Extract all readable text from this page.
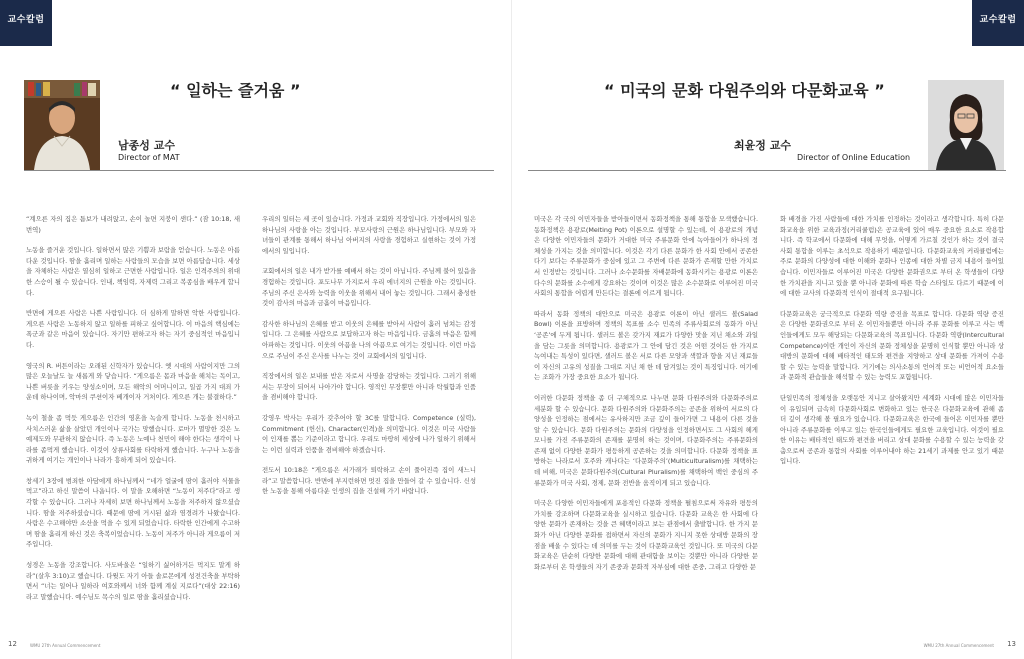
교수칼럼
“ 일하는 즐거움 ”
남종성 교수
Director of MAT

“계으른 자의 집은 틈보가 내려앉고, 손이 놀면 지붕이 샌다.” (잠 10:18, 새번역)

노동을 즐거운 것입니다. 일하면서 많은 기쁨과 보람을 얻습니다. 노동은 아름다운 것입니다. 땀을 흘리며 일하는 사람들의 모습을 보면 아름답습니다. 세상을 자체하는 사람은 열심히 일하고 근면한 사람입니다. 일은 인격주의의 위대한 스승이 될 수 있습니다. 인내, 책임력, 자제력 그리고 복종심을 배우게 합니다.

반면에 게으른 사람은 나쁜 사람입니다. 더 심하게 말하면 악한 사람입니다. 게으른 사람은 노동하지 않고 일하를 피하고 싶어합니다. 이 마음의 핵심에는 폭군과 같은 마음이 있습니다. 자기만 편하고자 하는 자기 중심적인 마음입니다.

영국의 R. 버튼이라는 오래된 신학자가 있습니다. 옛 시대의 사람이지만 그의 많은 오늘날도 늘 새롭게 와 닿습니다. “게으름은 몸과 마음을 해치는 독이고, 나쁜 버릇을 키우는 양성소이며, 모든 해악의 어머니이고, 일곱 가지 대죄 가운데 하나이며, 악마의 쿠션이자 베개이자 거처이다. 게으른 개는 불결하다.”

녹이 철을 좀 먹듯 게으름은 인간의 영혼을 녹슬게 합니다. 노동을 천시하고 사치스러운 삶을 살았던 개인이나 국가는 망했습니다. 로마가 멸망한 것은 노예제도와 무관하지 않습니다. 즉 노동은 노예나 천민이 해야 한다는 생각이 나라를 좀먹게 했습니다. 이것이 상류사회를 타락하게 했습니다. 누구나 노동을 귀하게 여기는 개인이나 나라가 흥하게 되어 있습니다.

창세기 3장에 범죄한 아담에게 하나님께서 “네가 얼굴에 땀이 흘러야 식물을 먹고”라고 하신 말씀이 나옵니다. 이 말을 오해하면 “노동이 저주다”라고 생각할 수 있습니다. 그러나 자세히 보면 하나님께서 노동을 저주하지 않으셨습니다. 땀을 저주하셨습니다. 때문에 땀에 거시된 삶과 염경려가 나왔습니다. 사람은 수고해야만 소산을 먹을 수 있게 되었습니다. 타락한 인간에게 수고하며 땀을 흘리게 하신 것은 축복이었습니다. 노동이 저주가 아니라 게으름이 저주입니다.

성경은 노동을 강조합니다. 사도바울은 “일하기 싫어하거든 먹지도 말게 하라”(살후 3:10)고 했습니다. 다윗도 자기 아들 솔로몬에게 성전건축을 부탁하면서 “너는 일어나 일하라 여호와께서 너와 함께 계실 지로다”(대상 22:16)라고 말했습니다. 예수님도 목수의 일로 땀을 흘리셨습니다.

우리의 일터는 세 곳이 있습니다. 가정과 교회와 직장입니다. 가정에서의 일은 하나님의 사랑을 아는 것입니다. 부모사랑의 근원은 하나님입니다. 부모와 자녀들이 관계를 통해서 하나님 아버지의 사랑을 경험하고 실현하는 것이 가정에서의 일입니다.

교회에서의 일은 내가 받가를 예배서 하는 것이 아닙니다. 주님께 불어 있음을 경험하는 것입니다. 포도나무 가지로서 우리 에너지의 근원을 아는 것입니다. 주님의 주신 은사와 능력을 이웃을 위해서 내어 놓는 것입니다. 그래서 충성한 것이 감사의 마음과 금흘이 마음입니다.

감사한 하나님의 은혜를 받고 이웃의 은혜를 받아서 사람이 흘러 넘쳐는 감정입니다. 그 은혜를 사람으로 보답하고자 하는 마음입니다. 금흘의 마음은 함께 아파하는 것입니다. 이웃의 아픔을 나의 아픔으로 여기는 것입니다. 이런 마음으로 주님이 주신 은사를 나누는 것이 교회에서의 일입니다.

직장에서의 일은 보내를 받은 자로서 사명을 감당하는 것입니다. 그러기 위해서는 무장이 되어서 나아가야 합니다. 영적인 무장뿐만 아니라 탁월함과 인품을 겸비해야 합니다.

강영우 박사는 우리가 갖추어야 할 3C를 말합니다. Competence (실력), Commitment (헌신), Character(인격)을 의미합니다. 이것은 미국 사람들이 인재를 뽑는 기준이라고 합니다. 우리도 마땅히 세상에 나가 일하기 위해서는 이런 실력과 인품을 겸비해야 하겠습니다.

전도서 10:18은 “게으름은 서가래가 퇴락하고 손이 풀어진즉 집이 새느니라”고 말씀합니다. 반면에 부지런하면 멋진 집을 만들어 갈 수 있습니다. 신성한 노동을 통해 아름다운 인생의 집을 건설해 가기 바랍니다.

12	WMU 27th Annual Commencement
교수칼럼
“ 미국의 문화 다원주의와 다문화교육 ”
최윤정 교수
Director of Online Education

미국은 각 국의 이민자들을 받아들이면서 동화정책을 통해 통합을 모색했습니다. 동화정책은 용광로(Melting Pot) 이론으로 설명할 수 있는데, 이 용광로의 개념은 다양한 이민자들의 문화가 거대한 미국 주류문화 안에 녹아들어가 하나의 정체성을 가지는 것을 의미합니다. 이것은 각기 다른 문화가 한 사회 안에서 공존한다기 보다는 주류문화가 중심에 있고 그 주변에 다른 문화가 존재할 만한 가치로서 인정받는 것입니다. 그러나 소수문화를 자배문화에 동화시키는 용광로 이론은 다수의 문화를 소수에게 강요하는 것이며 이것은 많은 소수문화로 이루어진 미국 사회의 통합을 어렵게 만든다는 결론에 이르게 됩니다.

따라서 동화 정책의 대안으로 미국은 용광로 이론이 아닌 샐러드 볼(Salad Bowl) 이론을 표방하며 정책의 목표를 소수 민족의 주류사회로의 동화가 아닌 ‘공존’에 두게 됩니다. 샐러드 볼은 갖가지 재료가 다양한 맛을 지닌 채소와 과일을 담는 그릇을 의미합니다. 용광로가 그 안에 담긴 것은 어떤 것이든 한 가지로 녹여내는 특성이 있다면, 샐러드 볼은 서로 다른 모양과 색깔과 향을 지닌 재료들이 자신의 고유의 성질을 그대로 지닌 채 한 데 담겨있는 것이 특징입니다. 여기에는 조화가 가장 중요한 요소가 됩니다.

이러한 다문화 정책을 좀 더 구체적으로 나누면 문화 다원주의와 다문화주의로 세분화 할 수 있습니다. 문화 다원주의와 다문화주의는 공존을 위하여 서로의 다양성을 인정하는 점에서는 유사하지만 조금 깊이 들어가면 그 내용이 다른 것을 알 수 있습니다. 문화 다원주의는 문화의 다양성을 인정하면서도 그 사회의 헤게모니를 가진 주류문화의 존재를 분명히 하는 것이며, 다문화주의는 주류문화의 존재 없이 다양한 문화가 평등하게 공존하는 것을 의미합니다. 다문화 정책을 표방하는 나라로서 호주와 캐나다는 ‘다문화주의’(Multiculturalism)를 채택하는 데 비해, 미국은 문화다원주의(Cultural Pluralism)를 채택하여 백인 중심의 주류문화가 미국 사회, 경제, 문화 전반을 움직이게 되고 있습니다.

미국은 다양한 이민자들에게 포용적인 다문화 정책을 펼침으로써 자유와 평등의 가치를 강조하며 다문화교육을 실시하고 있습니다. 다문화 교육은 한 사회에 다양한 문화가 존재하는 것을 큰 혜택이라고 보는 관점에서 출발합니다. 한 가지 문화가 아닌 다양한 문화를 접하면서 자신의 문화가 지니지 못한 상대방 문화의 장점을 배울 수 있다는 데 의미를 두는 것이 다문화교육인 것입니다. 또 미국의 다문화교육은 단순히 다양한 문화에 대해 관대함을 보이는 것뿐만 아니라 다양한 문화로부터 온 학생들의 자기 존중과 문화적 자부심에 대한 존중, 그리고 다양한 문

화 배경을 가진 사람들에 대한 가치를 인정하는 것이라고 생각합니다. 특히 다문화교육을 위한 교육과정(커리큘럼)은 공교육에 있어 매우 중요한 요소로 작용합니다. 즉 학교에서 다문화에 대해 무엇을, 어떻게 가르칠 것인가 하는 것이 결국 사회 통합을 이루는 초석으로 작용하기 때문입니다. 다문화교육의 커리큘럼에는 주로 문화의 다양성에 대한 이해와 문화나 인종에 대한 차별 금지 내용이 들어있습니다. 이민자들로 이루어진 미국은 다양한 문화권으로 부터 온 학생들이 다양한 가치관을 지니고 있을 뿐 아니라 문화에 따른 학습 스타일도 다르기 때문에 이에 대한 교사의 다문화적 인식이 절대적 요구됩니다.

다문화교육은 궁극적으로 다문화 역량 증진을 목표로 합니다. 다문화 역량 증진은 다양한 문화권으로 부터 온 이민자들뿐만 아니라 주류 문화를 이루고 사는 백인들에게도 모두 해당되는 다문화교육의 목표입니다. 다문화 역량(Intercultural Competence)이란 개인이 자신의 문화 정체성을 분명히 인식할 뿐만 아니라 상대방의 문화에 대해 배타적인 태도와 편견을 지양하고 상대 문화를 가져이 수용할 수 있는 능력을 말합니다. 거기에는 의사소통의 언어적 또는 비언어적 요소들과 문화적 관습들을 해석할 수 있는 능력도 포함됩니다.

단일민족의 정체성을 오랫동안 지니고 살아왔지만 세계화 시대에 많은 이민자들이 유입되며 급속히 다문화사회로 변화하고 있는 한국은 다문화교육에 관해 좀 더 깊이 생각해 볼 필요가 있습니다. 다문화교육은 한국에 들어온 이민자를 뿐만 아니라 주류문화를 이루고 있는 한국인들에게도 필요한 교육입니다. 이것이 필요한 이유는 배타적인 태도와 편견을 버리고 상대 문화를 수용할 수 있는 능력을 갖춤으로써 공존과 통합의 사회를 이루어내야 하는 21세기 과제를 안고 있기 때문입니다.

WMU 27th Annual Commencement 13
